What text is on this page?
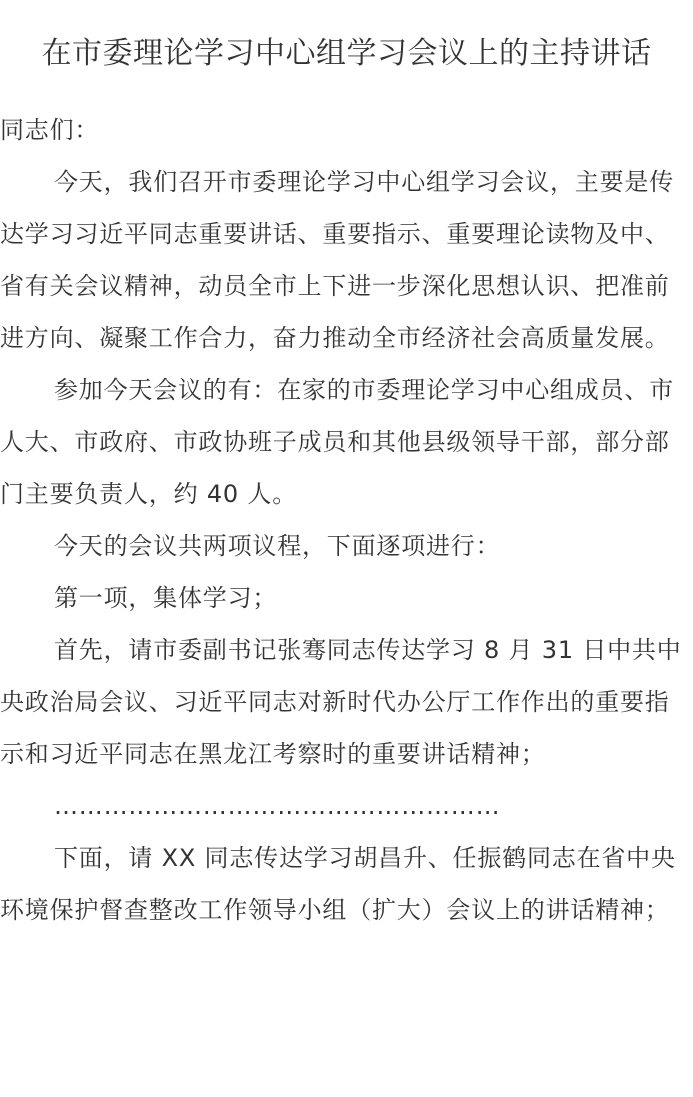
在市委理论学习中心组学习会议上的主持讲话

同志们：

今天，我们召开市委理论学习中心组学习会议，主要是传达学习习近平同志重要讲话、重要指示、重要理论读物及中、省有关会议精神，动员全市上下进一步深化思想认识、把准前进方向、凝聚工作合力，奋力推动全市经济社会高质量发展。

参加今天会议的有：在家的市委理论学习中心组成员、市人大、市政府、市政协班子成员和其他县级领导干部，部分部门主要负责人，约 40 人。

今天的会议共两项议程，下面逐项进行：

第一项，集体学习；

首先，请市委副书记张骞同志传达学习 8 月 31 日中共中央政治局会议、习近平同志对新时代办公厅工作作出的重要指示和习近平同志在黑龙江考察时的重要讲话精神；

………………………………………………

下面，请 XX 同志传达学习胡昌升、任振鹤同志在省中央环境保护督查整改工作领导小组（扩大）会议上的讲话精神；
